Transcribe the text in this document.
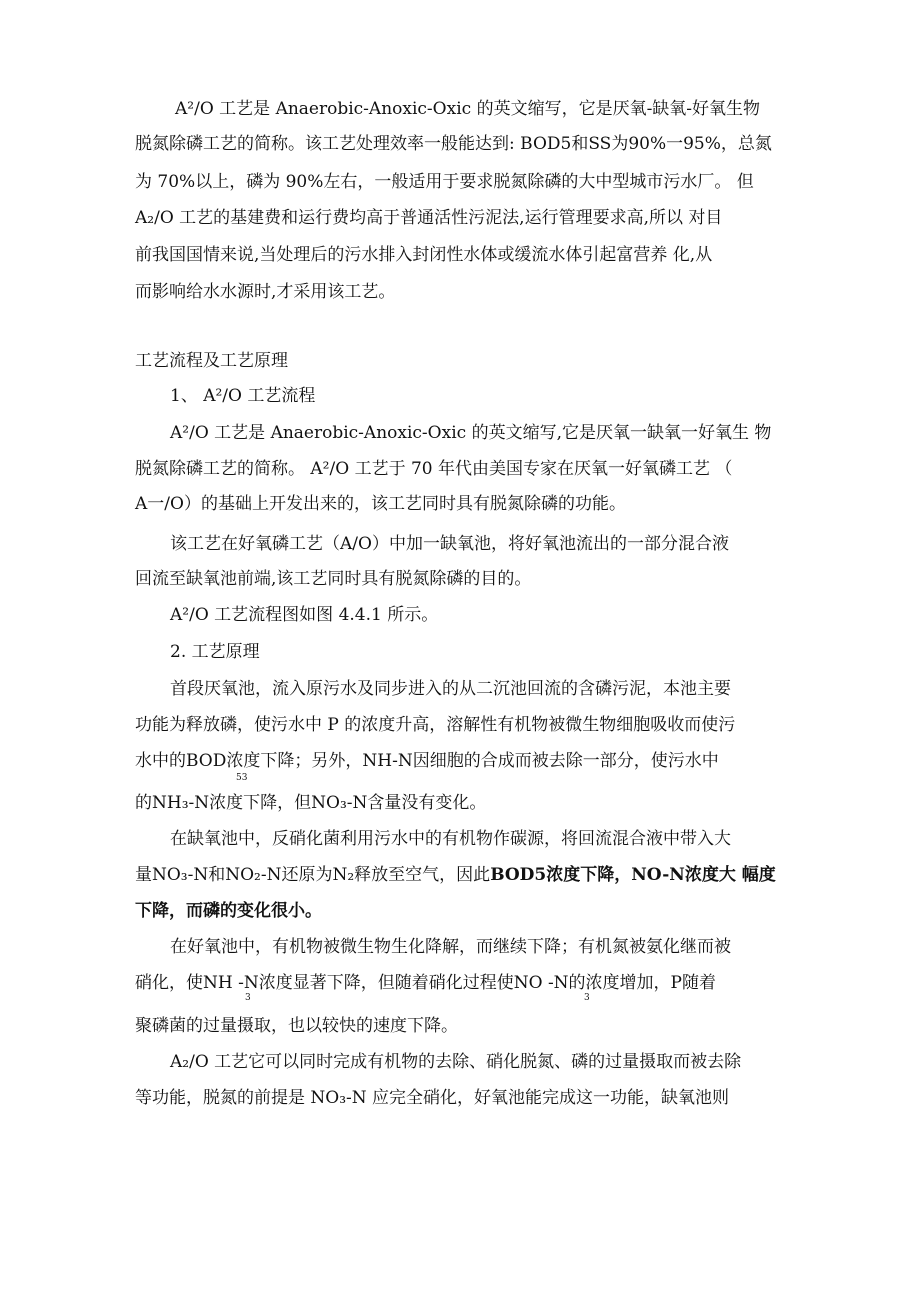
A²/O 工艺是 Anaerobic-Anoxic-Oxic 的英文缩写，它是厌氧-缺氧-好氧生物
脱氮除磷工艺的简称。该工艺处理效率一般能达到: BOD5和SS为90%一95%，总氮
为 70%以上，磷为 90%左右，一般适用于要求脱氮除磷的大中型城市污水厂。 但
A₂/O 工艺的基建费和运行费均高于普通活性污泥法,运行管理要求高,所以 对目
前我国国情来说,当处理后的污水排入封闭性水体或缓流水体引起富营养 化,从
而影响给水水源时,才采用该工艺。
工艺流程及工艺原理
1、 A²/O 工艺流程
A²/O 工艺是 Anaerobic-Anoxic-Oxic 的英文缩写,它是厌氧一缺氧一好氧生 物
脱氮除磷工艺的简称。 A²/O 工艺于 70 年代由美国专家在厌氧一好氧磷工艺 （
A一/O）的基础上开发出来的，该工艺同时具有脱氮除磷的功能。
该工艺在好氧磷工艺（A/O）中加一缺氧池，将好氧池流出的一部分混合液
回流至缺氧池前端,该工艺同时具有脱氮除磷的目的。
A²/O 工艺流程图如图 4.4.1 所示。
2. 工艺原理
首段厌氧池，流入原污水及同步进入的从二沉池回流的含磷污泥，本池主要
功能为释放磷，使污水中 P 的浓度升高，溶解性有机物被微生物细胞吸收而使污
水中的BOD浓度下降；另外，NH-N因细胞的合成而被去除一部分，使污水中
53
的NH₃-N浓度下降，但NO₃-N含量没有变化。
在缺氧池中，反硝化菌利用污水中的有机物作碳源，将回流混合液中带入大
量NO₃-N和NO₂-N还原为N₂释放至空气，因此BOD5浓度下降，NO-N浓度大 幅度
下降，而磷的变化很小。
在好氧池中，有机物被微生物生化降解，而继续下降；有机氮被氨化继而被
硝化，使NH -N浓度显著下降，但随着硝化过程使NO -N的浓度增加，P随着
3	3
聚磷菌的过量摄取，也以较快的速度下降。
A₂/O 工艺它可以同时完成有机物的去除、硝化脱氮、磷的过量摄取而被去除
等功能，脱氮的前提是 NO₃-N 应完全硝化，好氧池能完成这一功能，缺氧池则
